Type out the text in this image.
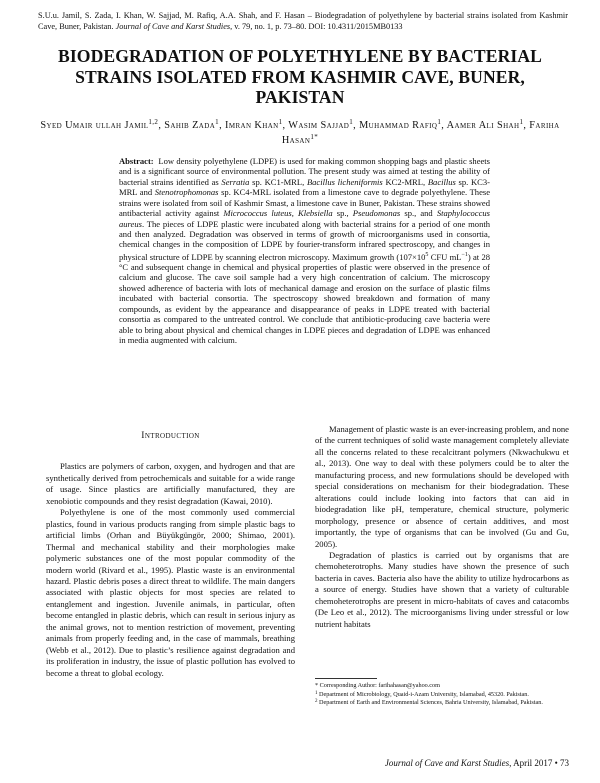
S.U.u. Jamil, S. Zada, I. Khan, W. Sajjad, M. Rafiq, A.A. Shah, and F. Hasan – Biodegradation of polyethylene by bacterial strains isolated from Kashmir Cave, Buner, Pakistan. Journal of Cave and Karst Studies, v. 79, no. 1, p. 73–80. DOI: 10.4311/2015MB0133
BIODEGRADATION OF POLYETHYLENE BY BACTERIAL STRAINS ISOLATED FROM KASHMIR CAVE, BUNER, PAKISTAN
Syed Umair ullah Jamil$^{1,2}$, Sahib Zada$^1$, Imran Khan$^1$, Wasim Sajjad$^1$, Muhammad Rafiq$^1$, Aamer Ali Shah$^1$, Fariha Hasan$^{1*}$
Abstract: Low density polyethylene (LDPE) is used for making common shopping bags and plastic sheets and is a significant source of environmental pollution. The present study was aimed at testing the ability of bacterial strains identified as Serratia sp. KC1-MRL, Bacillus licheniformis KC2-MRL, Bacillus sp. KC3-MRL and Stenotrophomonas sp. KC4-MRL isolated from a limestone cave to degrade polyethylene. These strains were isolated from soil of Kashmir Smast, a limestone cave in Buner, Pakistan. These strains showed antibacterial activity against Micrococcus luteus, Klebsiella sp., Pseudomonas sp., and Staphylococcus aureus. The pieces of LDPE plastic were incubated along with bacterial strains for a period of one month and then analyzed. Degradation was observed in terms of growth of microorganisms used in consortia, chemical changes in the composition of LDPE by fourier-transform infrared spectroscopy, and changes in physical structure of LDPE by scanning electron microscopy. Maximum growth ($107\times 10^5$ CFU $mL^{-1}$) at 28 °C and subsequent change in chemical and physical properties of plastic were observed in the presence of calcium and glucose. The cave soil sample had a very high concentration of calcium. The microscopy showed adherence of bacteria with lots of mechanical damage and erosion on the surface of plastic films incubated with bacterial consortia. The spectroscopy showed breakdown and formation of many compounds, as evident by the appearance and disappearance of peaks in LDPE treated with bacterial consortia as compared to the untreated control. We conclude that antibiotic-producing cave bacteria were able to bring about physical and chemical changes in LDPE pieces and degradation of LDPE was enhanced in media augmented with calcium.
Introduction

Plastics are polymers of carbon, oxygen, and hydrogen and that are synthetically derived from petrochemicals and suitable for a wide range of usage. Since plastics are artificially manufactured, they are xenobiotic compounds and they resist degradation (Kawai, 2010).

Polyethylene is one of the most commonly used commercial plastics, found in various products ranging from simple plastic bags to artificial limbs (Orhan and Büyükgüngör, 2000; Shimao, 2001). Thermal and mechanical stability and their morphologies make polymeric substances one of the most popular commodity of the modern world (Rivard et al., 1995). Plastic waste is an environmental hazard. Plastic debris poses a direct threat to wildlife. The main dangers associated with plastic objects for most species are related to entanglement and ingestion. Juvenile animals, in particular, often become entangled in plastic debris, which can result in serious injury as the animal grows, not to mention restriction of movement, preventing animals from properly feeding and, in the case of mammals, breathing (Webb et al., 2012). Due to plastic’s resilience against degradation and its proliferation in industry, the issue of plastic pollution has evolved to become a threat to global ecology.

Management of plastic waste is an ever-increasing problem, and none of the current techniques of solid waste management completely alleviate all the concerns related to these recalcitrant polymers (Nkwachukwu et al., 2013). One way to deal with these polymers could be to alter the manufacturing process, and new formulations should be developed with special considerations on mechanism for their biodegradation. These alterations could include looking into factors that can aid in biodegradation like pH, temperature, chemical structure, polymeric morphology, presence or absence of certain additives, and most importantly, the type of organisms that can be involved (Gu and Gu, 2005).

Degradation of plastics is carried out by organisms that are chemoheterotrophs. Many studies have shown the presence of such bacteria in caves. Bacteria also have the ability to utilize hydrocarbons as a source of energy. Studies have shown that a variety of culturable chemoheterotrophs are present in micro-habitats of caves and catacombs (De Leo et al., 2012). The microorganisms living under stressful or low nutrient habitats

* Corresponding Author: farihahasan@yahoo.com
$^1$ Department of Microbiology, Quaid-i-Azam University, Islamabad, 45320. Pakistan.
$^2$ Department of Earth and Environmental Sciences, Bahria University, Islamabad, Pakistan.
Journal of Cave and Karst Studies, April 2017 • 73
